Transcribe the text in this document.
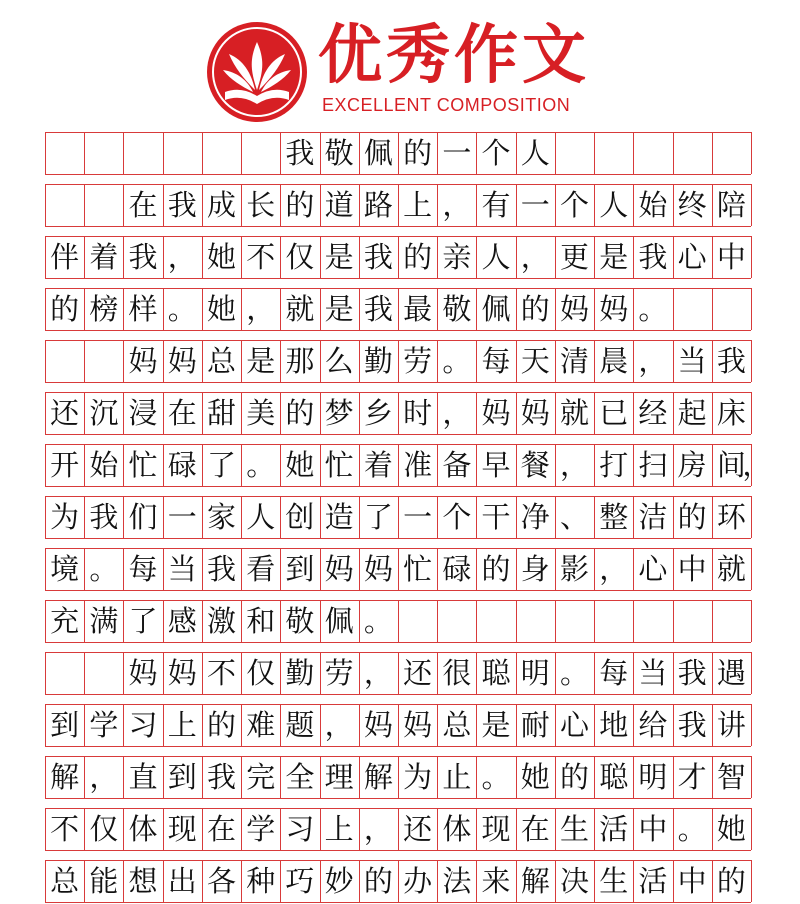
优秀作文
EXCELLENT COMPOSITION
我 敬 佩 的 一 个 人
在 我 成 长 的 道 路 上 ， 有 一 个 人 始 终 陪
伴 着 我 ， 她 不 仅 是 我 的 亲 人 ， 更 是 我 心 中
的 榜 样 。 她 ， 就 是 我 最 敬 佩 的 妈 妈 。
妈 妈 总 是 那 么 勤 劳 。 每 天 清 晨 ， 当 我
还 沉 浸 在 甜 美 的 梦 乡 时 ， 妈 妈 就 已 经 起 床
开 始 忙 碌 了 。 她 忙 着 准 备 早 餐 ， 打 扫 房 间
，
为 我 们 一 家 人 创 造 了 一 个 干 净 、 整 洁 的 环
境 。 每 当 我 看 到 妈 妈 忙 碌 的 身 影 ， 心 中 就
充 满 了 感 激 和 敬 佩 。
妈 妈 不 仅 勤 劳 ， 还 很 聪 明 。 每 当 我 遇
到 学 习 上 的 难 题 ， 妈 妈 总 是 耐 心 地 给 我 讲
解 ， 直 到 我 完 全 理 解 为 止 。 她 的 聪 明 才 智
不 仅 体 现 在 学 习 上 ， 还 体 现 在 生 活 中 。 她
总 能 想 出 各 种 巧 妙 的 办 法 来 解 决 生 活 中 的
